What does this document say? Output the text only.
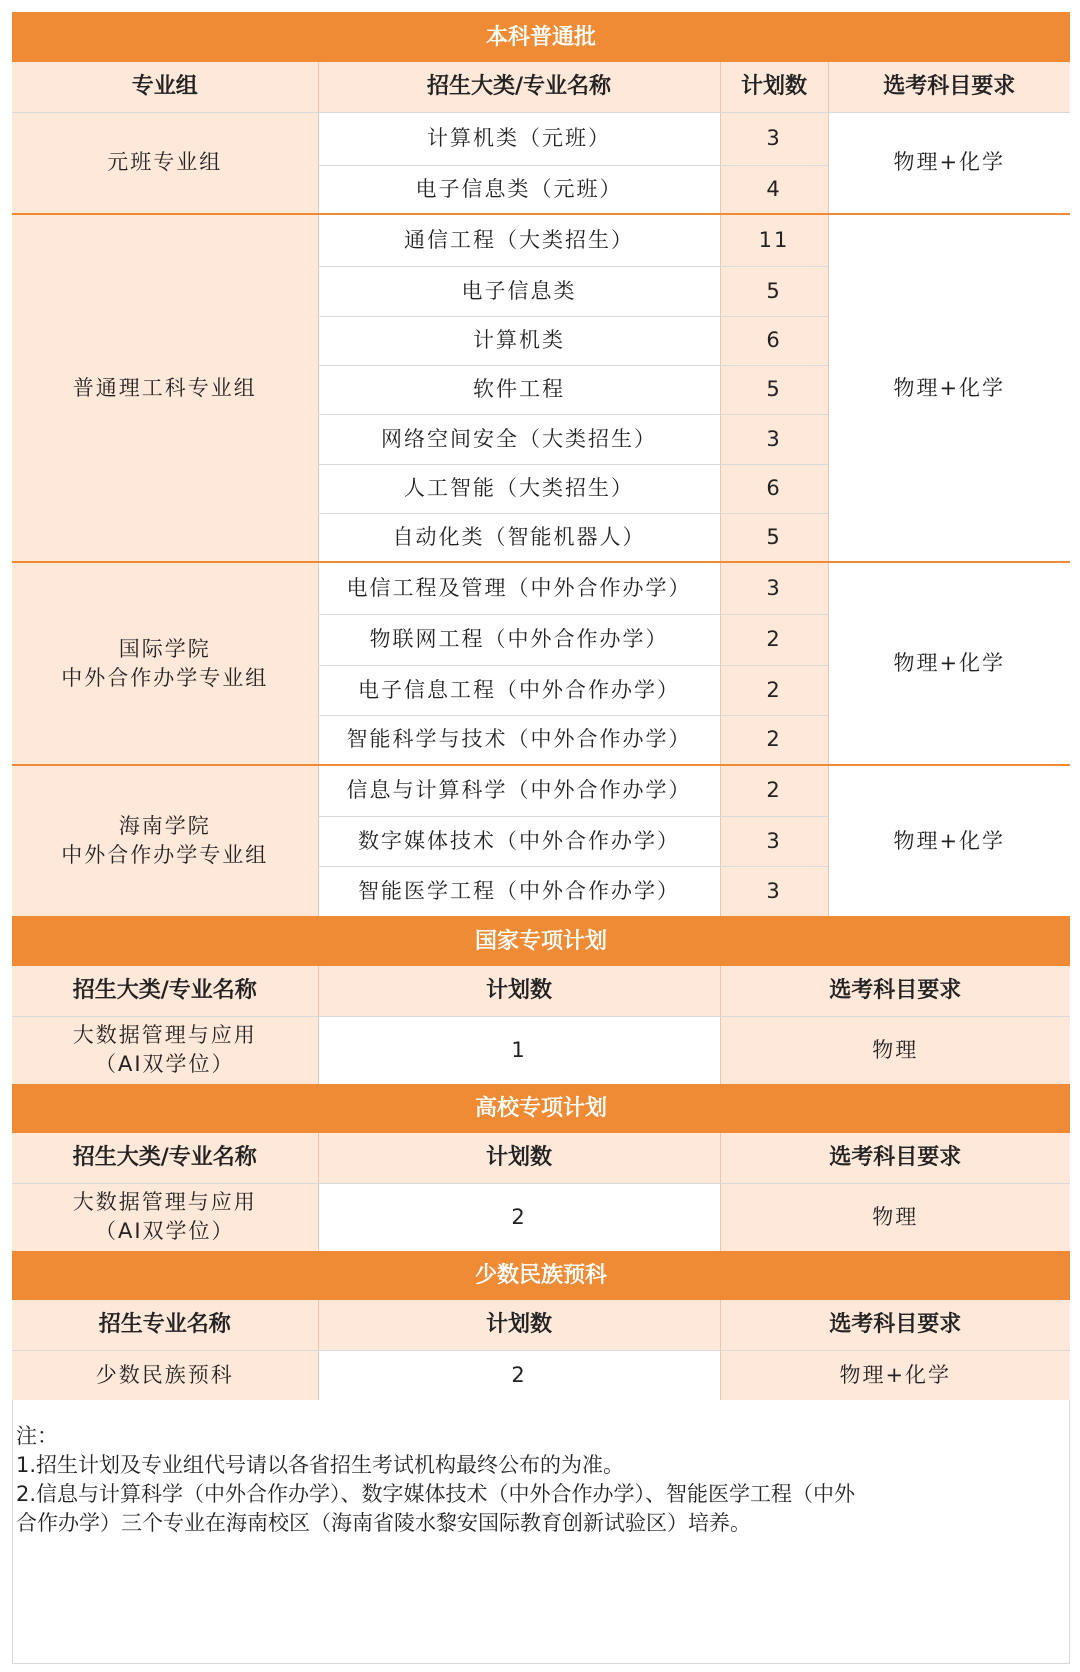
本科普通批			
专业组	招生大类/专业名称	计划数	选考科目要求
元班专业组	计算机类（元班）	3	物理+化学
	电子信息类（元班）	4	
普通理工科专业组	通信工程（大类招生）	11	物理+化学
	电子信息类	5	
	计算机类	6	
	软件工程	5	
	网络空间安全（大类招生）	3	
	人工智能（大类招生）	6	
	自动化类（智能机器人）	5	

国际学院
中外合作办学专业组	电信工程及管理（中外合作办学）	3	物理+化学
	物联网工程（中外合作办学）	2	
	电子信息工程（中外合作办学）	2	
	智能科学与技术（中外合作办学）	2	

海南学院
中外合作办学专业组	信息与计算科学（中外合作办学）	2	物理+化学
	数字媒体技术（中外合作办学）	3	
	智能医学工程（中外合作办学）	3	
国家专项计划		
招生大类/专业名称	计划数	选考科目要求

大数据管理与应用
（AI双学位）	1	物理
高校专项计划		
招生大类/专业名称	计划数	选考科目要求

大数据管理与应用
（AI双学位）	2	物理
少数民族预科		
招生专业名称	计划数	选考科目要求
少数民族预科	2	物理+化学
注：
1.招生计划及专业组代号请以各省招生考试机构最终公布的为准。
2.信息与计算科学（中外合作办学）、数字媒体技术（中外合作办学）、智能医学工程（中外
合作办学）三个专业在海南校区（海南省陵水黎安国际教育创新试验区）培养。
